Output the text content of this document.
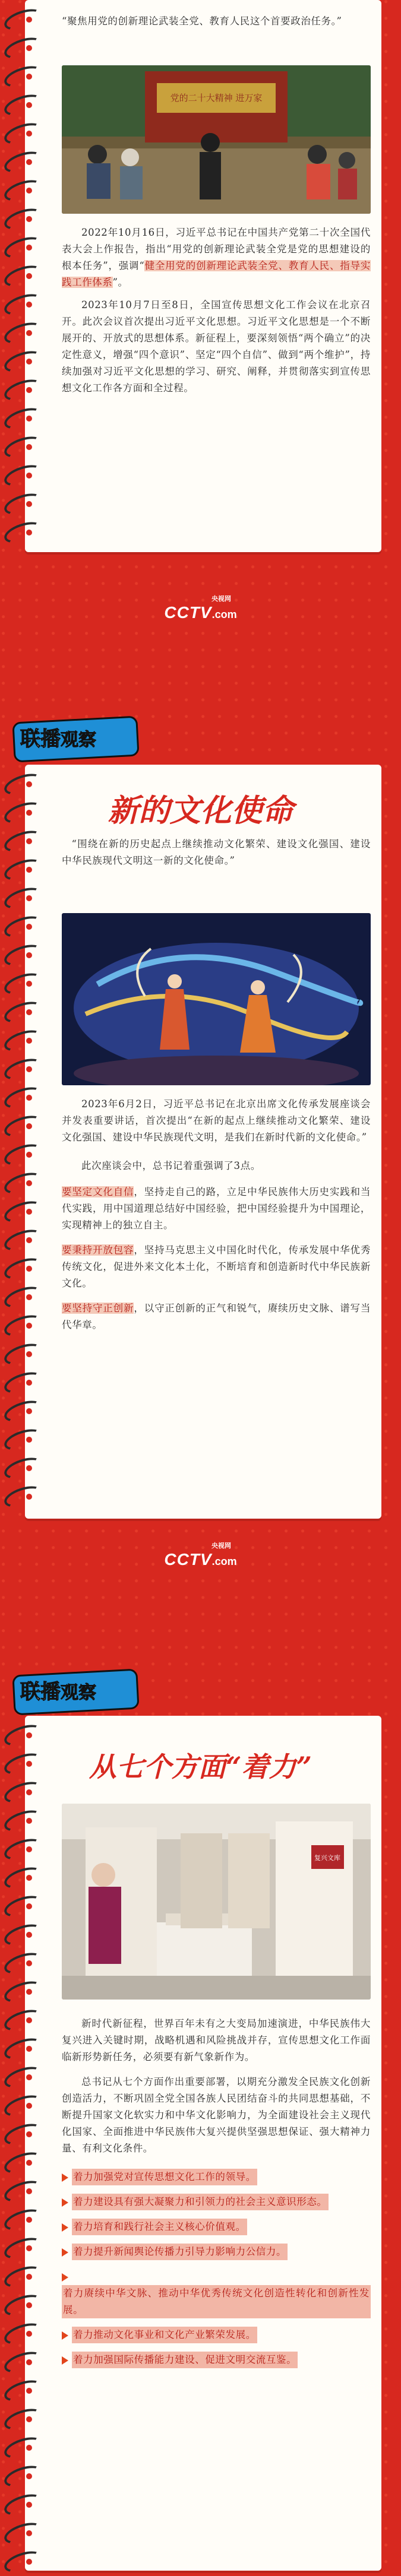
“聚焦用党的创新理论武装全党、教育人民这个首要政治任务。”

党的二十大精神 进万家

2022年10月16日，习近平总书记在中国共产党第二十次全国代表大会上作报告，指出“用党的创新理论武装全党是党的思想建设的根本任务”，强调“健全用党的创新理论武装全党、教育人民、指导实践工作体系”。

2023年10月7日至8日，全国宣传思想文化工作会议在北京召开。此次会议首次提出习近平文化思想。习近平文化思想是一个不断展开的、开放式的思想体系。新征程上，要深刻领悟“两个确立”的决定性意义，增强“四个意识”、坚定“四个自信”、做到“两个维护”，持续加强对习近平文化思想的学习、研究、阐释，并贯彻落实到宣传思想文化工作各方面和全过程。

央视网
CCTV.com
联播观察
新的文化使命

“围绕在新的历史起点上继续推动文化繁荣、建设文化强国、建设中华民族现代文明这一新的文化使命。”

2023年6月2日，习近平总书记在北京出席文化传承发展座谈会并发表重要讲话，首次提出“在新的起点上继续推动文化繁荣、建设文化强国、建设中华民族现代文明，是我们在新时代新的文化使命。”

此次座谈会中，总书记着重强调了3点。

要坚定文化自信，坚持走自己的路，立足中华民族伟大历史实践和当代实践，用中国道理总结好中国经验，把中国经验提升为中国理论，实现精神上的独立自主。

要秉持开放包容，坚持马克思主义中国化时代化，传承发展中华优秀传统文化，促进外来文化本土化，不断培育和创造新时代中华民族新文化。

要坚持守正创新，以守正创新的正气和锐气，赓续历史文脉、谱写当代华章。

央视网
CCTV.com
联播观察
从七个方面“着力”
复兴文库

新时代新征程，世界百年未有之大变局加速演进，中华民族伟大复兴进入关键时期，战略机遇和风险挑战并存，宣传思想文化工作面临新形势新任务，必须要有新气象新作为。

总书记从七个方面作出重要部署，以期充分激发全民族文化创新创造活力，不断巩固全党全国各族人民团结奋斗的共同思想基础，不断提升国家文化软实力和中华文化影响力，为全面建设社会主义现代化国家、全面推进中华民族伟大复兴提供坚强思想保证、强大精神力量、有利文化条件。

着力加强党对宣传思想文化工作的领导。

着力建设具有强大凝聚力和引领力的社会主义意识形态。

着力培育和践行社会主义核心价值观。

着力提升新闻舆论传播力引导力影响力公信力。

着力赓续中华文脉、推动中华优秀传统文化创造性转化和创新性发展。

着力推动文化事业和文化产业繁荣发展。

着力加强国际传播能力建设、促进文明交流互鉴。
